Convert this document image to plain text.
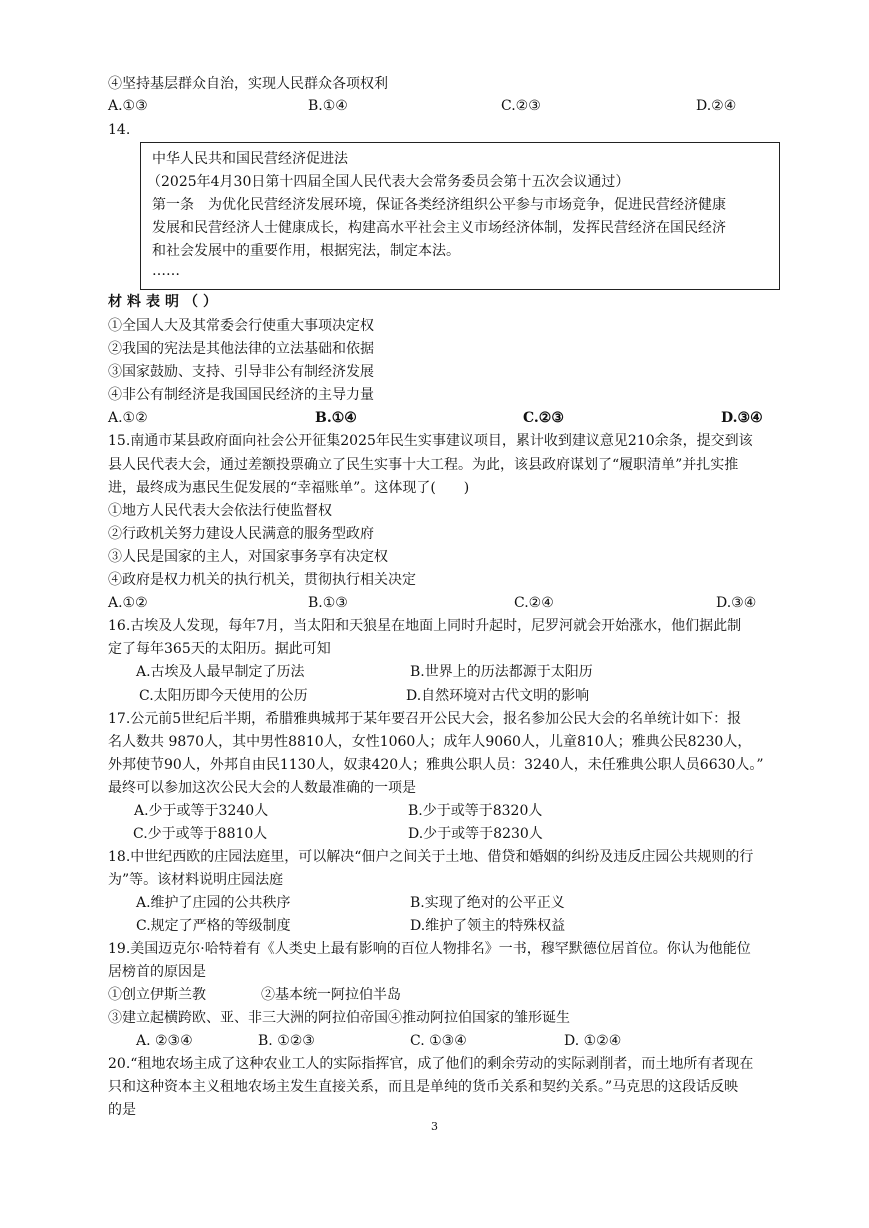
④坚持基层群众自治，实现人民群众各项权利
A.①③	B.①④	C.②③	D.②④
14.
中华人民共和国民营经济促进法
（2025年4月30日第十四届全国人民代表大会常务委员会第十五次会议通过）
第一条　为优化民营经济发展环境，保证各类经济组织公平参与市场竞争，促进民营经济健康
发展和民营经济人士健康成长，构建高水平社会主义市场经济体制，发挥民营经济在国民经济
和社会发展中的重要作用，根据宪法，制定本法。
……
材料表明（）
①全国人大及其常委会行使重大事项决定权
②我国的宪法是其他法律的立法基础和依据
③国家鼓励、支持、引导非公有制经济发展
④非公有制经济是我国国民经济的主导力量
A.①②	B.①④	C.②③	D.③④
15.南通市某县政府面向社会公开征集2025年民生实事建议项目，累计收到建议意见210余条，提交到该
县人民代表大会，通过差额投票确立了民生实事十大工程。为此，该县政府谋划了“履职清单”并扎实推
进，最终成为惠民生促发展的“幸福账单”。这体现了(　　)
①地方人民代表大会依法行使监督权
②行政机关努力建设人民满意的服务型政府
③人民是国家的主人，对国家事务享有决定权
④政府是权力机关的执行机关，贯彻执行相关决定
A.①②	B.①③	C.②④	D.③④
16.古埃及人发现，每年7月，当太阳和天狼星在地面上同时升起时，尼罗河就会开始涨水，他们据此制
定了每年365天的太阳历。据此可知
A.古埃及人最早制定了历法	B.世界上的历法都源于太阳历
C.太阳历即今天使用的公历	D.自然环境对古代文明的影响
17.公元前5世纪后半期，希腊雅典城邦于某年要召开公民大会，报名参加公民大会的名单统计如下：报
名人数共 9870人，其中男性8810人，女性1060人；成年人9060人，儿童810人；雅典公民8230人，
外邦使节90人，外邦自由民1130人，奴隶420人；雅典公职人员：3240人，未任雅典公职人员6630人。”
最终可以参加这次公民大会的人数最准确的一项是
A.少于或等于3240人	B.少于或等于8320人
C.少于或等于8810人	D.少于或等于8230人
18.中世纪西欧的庄园法庭里，可以解决“佃户之间关于土地、借贷和婚姻的纠纷及违反庄园公共规则的行
为”等。该材料说明庄园法庭
A.维护了庄园的公共秩序	B.实现了绝对的公平正义
C.规定了严格的等级制度	D.维护了领主的特殊权益
19.美国迈克尔·哈特着有《人类史上最有影响的百位人物排名》一书，穆罕默德位居首位。你认为他能位
居榜首的原因是
①创立伊斯兰教	②基本统一阿拉伯半岛
③建立起横跨欧、亚、非三大洲的阿拉伯帝国④推动阿拉伯国家的雏形诞生
A. ②③④	B. ①②③	C. ①③④	D. ①②④
20.“租地农场主成了这种农业工人的实际指挥官，成了他们的剩余劳动的实际剥削者，而土地所有者现在
只和这种资本主义租地农场主发生直接关系，而且是单纯的货币关系和契约关系。”马克思的这段话反映
的是
3
